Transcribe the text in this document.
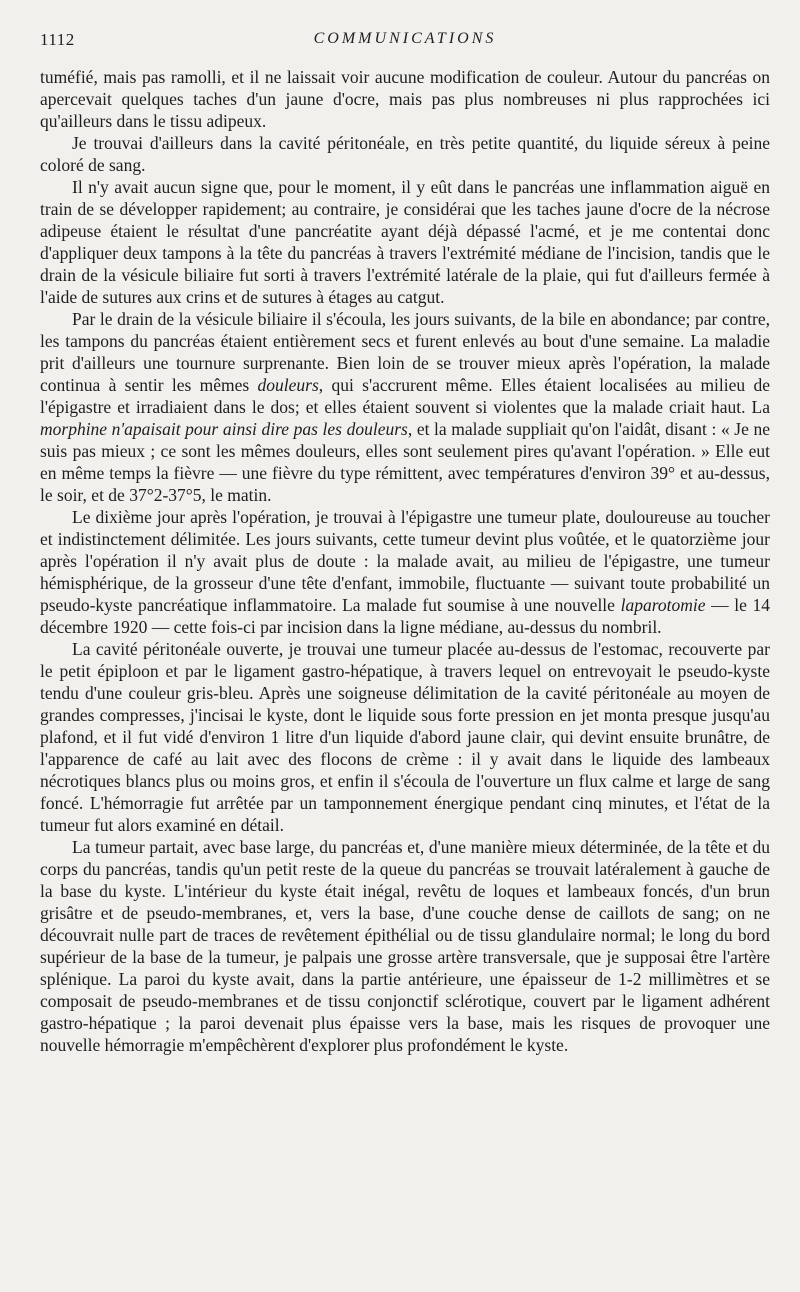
1112	COMMUNICATIONS

tuméfié, mais pas ramolli, et il ne laissait voir aucune modification de couleur. Autour du pancréas on apercevait quelques taches d'un jaune d'ocre, mais pas plus nombreuses ni plus rapprochées ici qu'ailleurs dans le tissu adipeux.

Je trouvai d'ailleurs dans la cavité péritonéale, en très petite quantité, du liquide séreux à peine coloré de sang.

Il n'y avait aucun signe que, pour le moment, il y eût dans le pancréas une inflammation aiguë en train de se développer rapidement; au contraire, je considérai que les taches jaune d'ocre de la nécrose adipeuse étaient le résultat d'une pancréatite ayant déjà dépassé l'acmé, et je me contentai donc d'appliquer deux tampons à la tête du pancréas à travers l'extrémité médiane de l'incision, tandis que le drain de la vésicule biliaire fut sorti à travers l'extrémité latérale de la plaie, qui fut d'ailleurs fermée à l'aide de sutures aux crins et de sutures à étages au catgut.

Par le drain de la vésicule biliaire il s'écoula, les jours suivants, de la bile en abondance; par contre, les tampons du pancréas étaient entièrement secs et furent enlevés au bout d'une semaine. La maladie prit d'ailleurs une tournure surprenante. Bien loin de se trouver mieux après l'opération, la malade continua à sentir les mêmes douleurs, qui s'accrurent même. Elles étaient localisées au milieu de l'épigastre et irradiaient dans le dos; et elles étaient souvent si violentes que la malade criait haut. La morphine n'apaisait pour ainsi dire pas les douleurs, et la malade suppliait qu'on l'aidât, disant : « Je ne suis pas mieux ; ce sont les mêmes douleurs, elles sont seulement pires qu'avant l'opération. » Elle eut en même temps la fièvre — une fièvre du type rémittent, avec températures d'environ 39° et au-dessus, le soir, et de 37°2-37°5, le matin.

Le dixième jour après l'opération, je trouvai à l'épigastre une tumeur plate, douloureuse au toucher et indistinctement délimitée. Les jours suivants, cette tumeur devint plus voûtée, et le quatorzième jour après l'opération il n'y avait plus de doute : la malade avait, au milieu de l'épigastre, une tumeur hémisphérique, de la grosseur d'une tête d'enfant, immobile, fluctuante — suivant toute probabilité un pseudo-kyste pancréatique inflammatoire. La malade fut soumise à une nouvelle laparotomie — le 14 décembre 1920 — cette fois-ci par incision dans la ligne médiane, au-dessus du nombril.

La cavité péritonéale ouverte, je trouvai une tumeur placée au-dessus de l'estomac, recouverte par le petit épiploon et par le ligament gastro-hépatique, à travers lequel on entrevoyait le pseudo-kyste tendu d'une couleur gris-bleu. Après une soigneuse délimitation de la cavité péritonéale au moyen de grandes compresses, j'incisai le kyste, dont le liquide sous forte pression en jet monta presque jusqu'au plafond, et il fut vidé d'environ 1 litre d'un liquide d'abord jaune clair, qui devint ensuite brunâtre, de l'apparence de café au lait avec des flocons de crème : il y avait dans le liquide des lambeaux nécrotiques blancs plus ou moins gros, et enfin il s'écoula de l'ouverture un flux calme et large de sang foncé. L'hémorragie fut arrêtée par un tamponnement énergique pendant cinq minutes, et l'état de la tumeur fut alors examiné en détail.

La tumeur partait, avec base large, du pancréas et, d'une manière mieux déterminée, de la tête et du corps du pancréas, tandis qu'un petit reste de la queue du pancréas se trouvait latéralement à gauche de la base du kyste. L'intérieur du kyste était inégal, revêtu de loques et lambeaux foncés, d'un brun grisâtre et de pseudo-membranes, et, vers la base, d'une couche dense de caillots de sang; on ne découvrait nulle part de traces de revêtement épithélial ou de tissu glandulaire normal; le long du bord supérieur de la base de la tumeur, je palpais une grosse artère transversale, que je supposai être l'artère splénique. La paroi du kyste avait, dans la partie antérieure, une épaisseur de 1-2 millimètres et se composait de pseudo-membranes et de tissu conjonctif sclérotique, couvert par le ligament adhérent gastro-hépatique ; la paroi devenait plus épaisse vers la base, mais les risques de provoquer une nouvelle hémorragie m'empêchèrent d'explorer plus profondément le kyste.
